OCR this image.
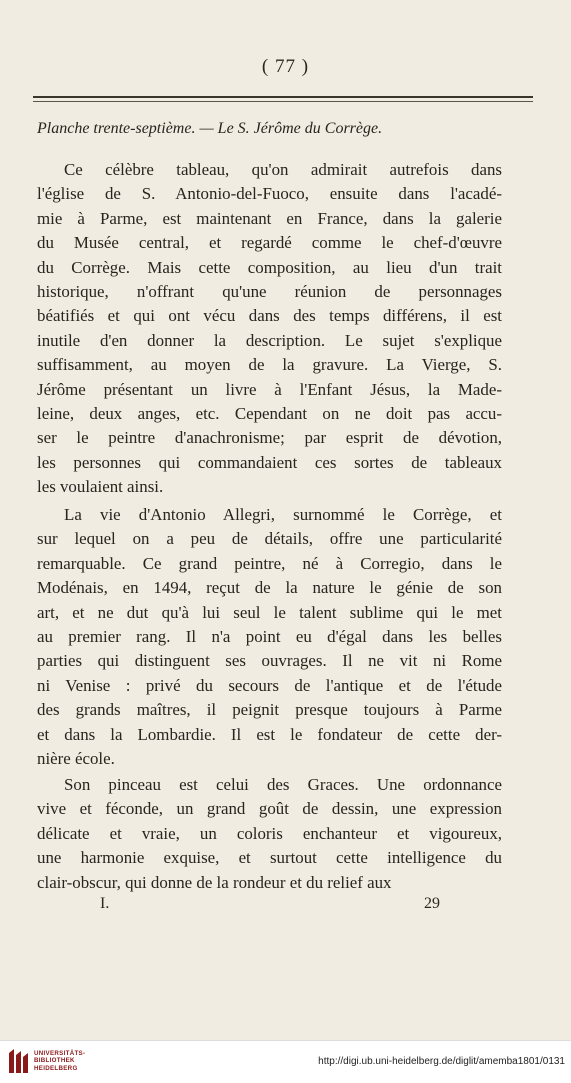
( 77 )
Planche trente-septième. — Le S. Jérôme du Corrège.
Ce célèbre tableau, qu'on admirait autrefois dans
l'église de S. Antonio-del-Fuoco, ensuite dans l'acadé-
mie à Parme, est maintenant en France, dans la galerie
du Musée central, et regardé comme le chef-d'œuvre
du Corrège. Mais cette composition, au lieu d'un trait
historique, n'offrant qu'une réunion de personnages
béatifiés et qui ont vécu dans des temps différens, il est
inutile d'en donner la description. Le sujet s'explique
suffisamment, au moyen de la gravure. La Vierge, S.
Jérôme présentant un livre à l'Enfant Jésus, la Made-
leine, deux anges, etc. Cependant on ne doit pas accu-
ser le peintre d'anachronisme; par esprit de dévotion,
les personnes qui commandaient ces sortes de tableaux
les voulaient ainsi.
La vie d'Antonio Allegri, surnommé le Corrège, et
sur lequel on a peu de détails, offre une particularité
remarquable. Ce grand peintre, né à Corregio, dans le
Modénais, en 1494, reçut de la nature le génie de son
art, et ne dut qu'à lui seul le talent sublime qui le met
au premier rang. Il n'a point eu d'égal dans les belles
parties qui distinguent ses ouvrages. Il ne vit ni Rome
ni Venise : privé du secours de l'antique et de l'étude
des grands maîtres, il peignit presque toujours à Parme
et dans la Lombardie. Il est le fondateur de cette der-
nière école.
Son pinceau est celui des Graces. Une ordonnance
vive et féconde, un grand goût de dessin, une expression
délicate et vraie, un coloris enchanteur et vigoureux,
une harmonie exquise, et surtout cette intelligence du
clair-obscur, qui donne de la rondeur et du relief aux
I.	29
UNIVERSITÄTS-
BIBLIOTHEK
HEIDELBERG
http://digi.ub.uni-heidelberg.de/diglit/amemba1801/0131
